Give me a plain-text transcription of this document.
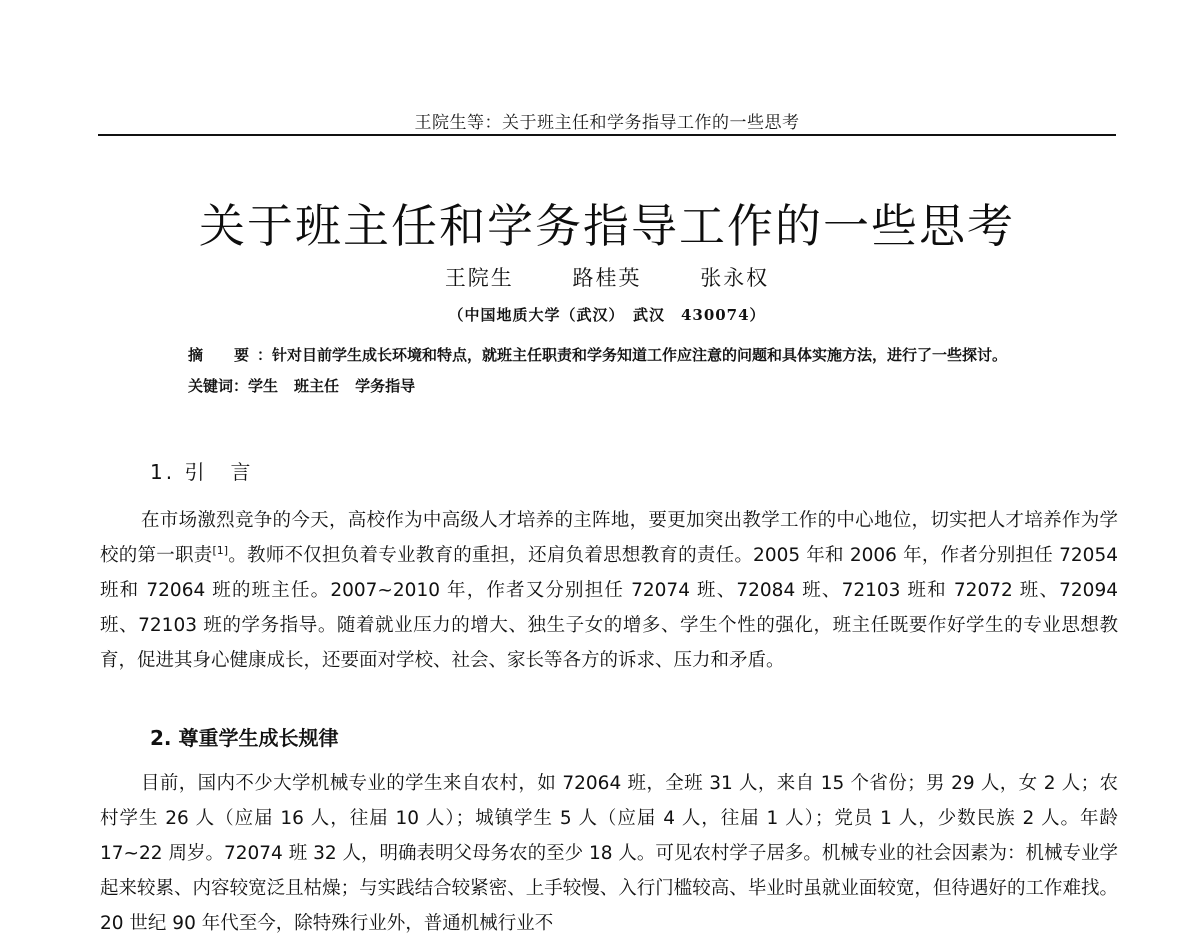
王院生等：关于班主任和学务指导工作的一些思考
关于班主任和学务指导工作的一些思考
王院生	路桂英	张永权
（中国地质大学（武汉）　武汉　430074）
摘　要：针对目前学生成长环境和特点，就班主任职责和学务知道工作应注意的问题和具体实施方法，进行了一些探讨。
关键词：学生 班主任 学务指导
1. 引　言

在市场激烈竞争的今天，高校作为中高级人才培养的主阵地，要更加突出教学工作的中心地位，切实把人才培养作为学校的第一职责[1]。教师不仅担负着专业教育的重担，还肩负着思想教育的责任。2005 年和 2006 年，作者分别担任 72054 班和 72064 班的班主任。2007~2010 年，作者又分别担任 72074 班、72084 班、72103 班和 72072 班、72094 班、72103 班的学务指导。随着就业压力的增大、独生子女的增多、学生个性的强化，班主任既要作好学生的专业思想教育，促进其身心健康成长，还要面对学校、社会、家长等各方的诉求、压力和矛盾。

2. 尊重学生成长规律

目前，国内不少大学机械专业的学生来自农村，如 72064 班，全班 31 人，来自 15 个省份；男 29 人，女 2 人；农村学生 26 人（应届 16 人，往届 10 人）；城镇学生 5 人（应届 4 人，往届 1 人）；党员 1 人，少数民族 2 人。年龄 17~22 周岁。72074 班 32 人，明确表明父母务农的至少 18 人。可见农村学子居多。机械专业的社会因素为：机械专业学起来较累、内容较宽泛且枯燥；与实践结合较紧密、上手较慢、入行门槛较高、毕业时虽就业面较宽，但待遇好的工作难找。20 世纪 90 年代至今，除特殊行业外，普通机械行业不
